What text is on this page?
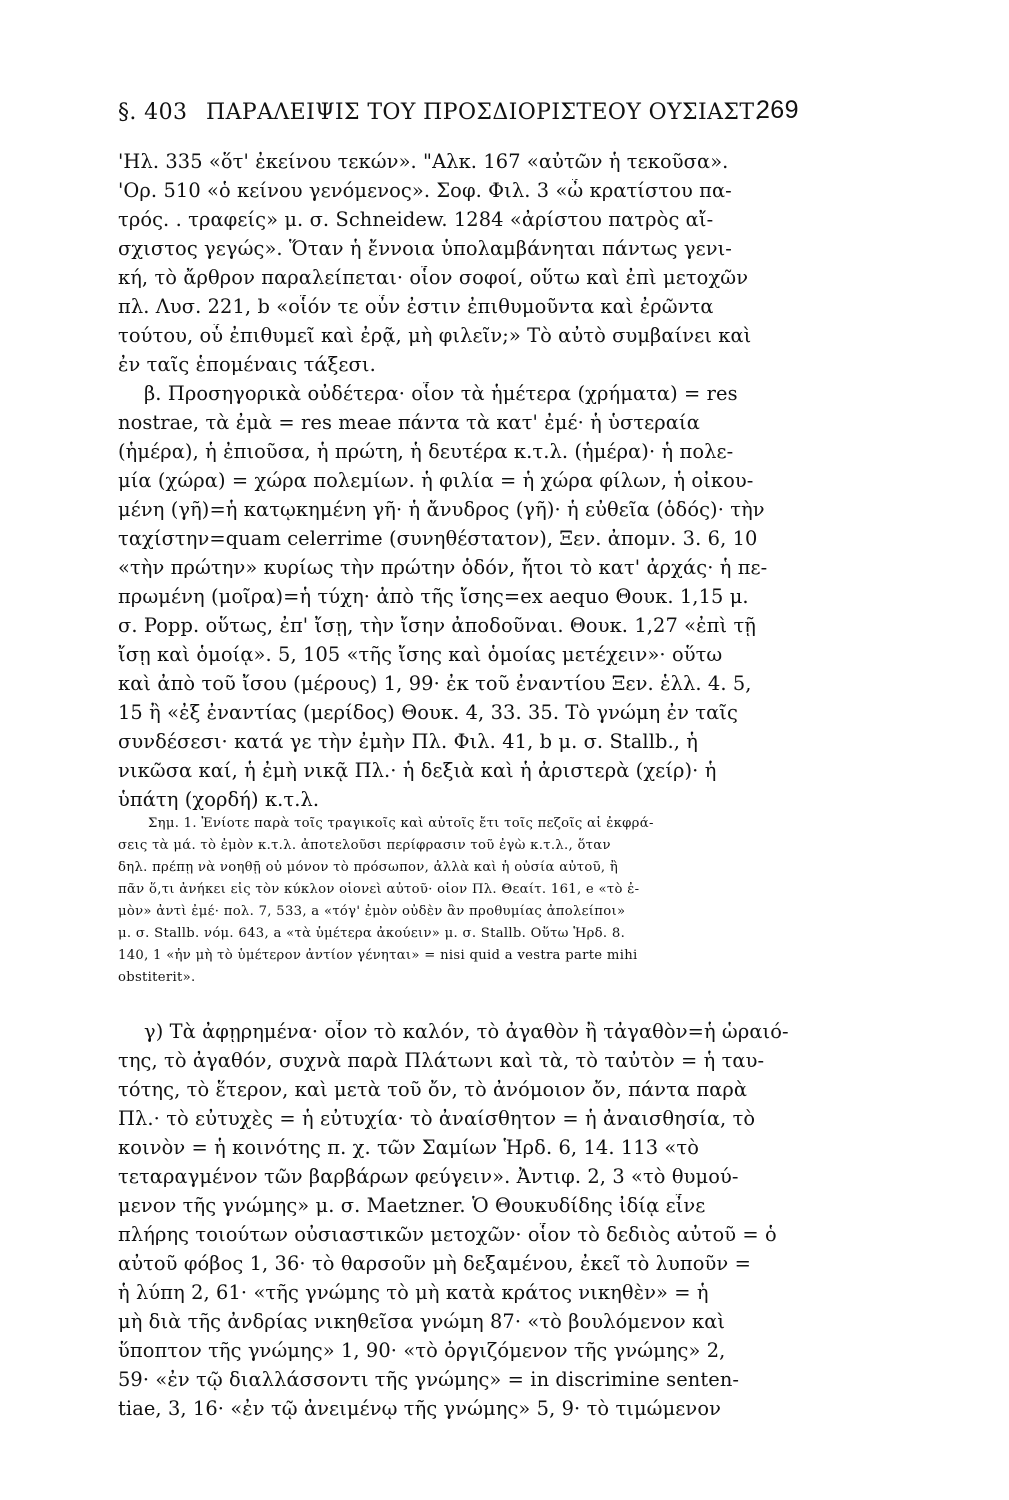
§. 403 ΠΑΡΑΛΕΙΨΙΣ ΤΟΥ ΠΡΟΣΔΙΟΡΙΣΤΕΟΥ ΟΥΣΙΑΣΤ.
269
'Ηλ. 335 «ὅτ' ἐκείνου τεκών». "Αλκ. 167 «αὐτῶν ἡ τεκοῦσα».
'Ορ. 510 «ὁ κείνου γενόμενος». Σοφ. Φιλ. 3 «ὦ κρατίστου πα-
τρός. . τραφείς» μ. σ. Schneidew. 1284 «ἀρίστου πατρὸς αἴ-
σχιστος γεγώς». Ὅταν ἡ ἔννοια ὑπολαμβάνηται πάντως γενι-
κή, τὸ ἄρθρον παραλείπεται· οἷον σοφοί, οὕτω καὶ ἐπὶ μετοχῶν
πλ. Λυσ. 221, b «οἷόν τε οὖν ἐστιν ἐπιθυμοῦντα καὶ ἐρῶντα
τούτου, οὗ ἐπιθυμεῖ καὶ ἐρᾷ, μὴ φιλεῖν;» Τὸ αὐτὸ συμβαίνει καὶ
ἐν ταῖς ἑπομέναις τάξεσι.
β. Προσηγορικὰ οὐδέτερα· οἷον τὰ ἡμέτερα (χρήματα) = res
nostrae, τὰ ἐμὰ = res meae πάντα τὰ κατ' ἐμέ· ἡ ὑστεραία
(ἡμέρα), ἡ ἐπιοῦσα, ἡ πρώτη, ἡ δευτέρα κ.τ.λ. (ἡμέρα)· ἡ πολε-
μία (χώρα) = χώρα πολεμίων. ἡ φιλία = ἡ χώρα φίλων, ἡ οἰκου-
μένη (γῆ)=ἡ κατῳκημένη γῆ· ἡ ἄνυδρος (γῆ)· ἡ εὐθεῖα (ὁδός)· τὴν
ταχίστην=quam celerrime (συνηθέστατον), Ξεν. ἀπομν. 3. 6, 10
«τὴν πρώτην» κυρίως τὴν πρώτην ὁδόν, ἤτοι τὸ κατ' ἀρχάς· ἡ πε-
πρωμένη (μοῖρα)=ἡ τύχη· ἀπὸ τῆς ἴσης=ex aequo Θουκ. 1,15 μ.
σ. Popp. οὕτως, ἐπ' ἴσῃ, τὴν ἴσην ἀποδοῦναι. Θουκ. 1,27 «ἐπὶ τῇ
ἴσῃ καὶ ὁμοίᾳ». 5, 105 «τῆς ἴσης καὶ ὁμοίας μετέχειν»· οὕτω
καὶ ἀπὸ τοῦ ἴσου (μέρους) 1, 99· ἐκ τοῦ ἐναντίου Ξεν. ἑλλ. 4. 5,
15 ἢ «ἐξ ἐναντίας (μερίδος) Θουκ. 4, 33. 35. Τὸ γνώμη ἐν ταῖς
συνδέσεσι· κατά γε τὴν ἐμὴν Πλ. Φιλ. 41, b μ. σ. Stallb., ἡ
νικῶσα καί, ἡ ἐμὴ νικᾷ Πλ.· ἡ δεξιὰ καὶ ἡ ἀριστερὰ (χείρ)· ἡ
ὑπάτη (χορδή) κ.τ.λ.
Σημ. 1. Ἐνίοτε παρὰ τοῖς τραγικοῖς καὶ αὐτοῖς ἔτι τοῖς πεζοῖς αἱ ἐκφρά-
σεις τὰ μά. τὸ ἐμὸν κ.τ.λ. ἀποτελοῦσι περίφρασιν τοῦ ἐγὼ κ.τ.λ., ὅταν
δηλ. πρέπῃ νὰ νοηθῇ οὐ μόνον τὸ πρόσωπον, ἀλλὰ καὶ ἡ οὐσία αὐτοῦ, ἢ
πᾶν ὅ,τι ἀνήκει εἰς τὸν κύκλον οἱονεὶ αὐτοῦ· οἷον Πλ. Θεαίτ. 161, e «τὸ ἐ-
μὸν» ἀντὶ ἐμέ· πολ. 7, 533, a «τόγ' ἐμὸν οὐδὲν ἂν προθυμίας ἀπολείποι»
μ. σ. Stallb. νόμ. 643, a «τὰ ὑμέτερα ἀκούειν» μ. σ. Stallb. Οὕτω Ἡρδ. 8.
140, 1 «ἦν μὴ τὸ ὑμέτερον ἀντίον γένηται» = nisi quid a vestra parte mihi
obstiterit».
γ) Τὰ ἀφῃρημένα· οἷον τὸ καλόν, τὸ ἀγαθὸν ἢ τἀγαθὸν=ἡ ὡραιό-
της, τὸ ἀγαθόν, συχνὰ παρὰ Πλάτωνι καὶ τὰ, τὸ ταὐτὸν = ἡ ταυ-
τότης, τὸ ἕτερον, καὶ μετὰ τοῦ ὄν, τὸ ἀνόμοιον ὄν, πάντα παρὰ
Πλ.· τὸ εὐτυχὲς = ἡ εὐτυχία· τὸ ἀναίσθητον = ἡ ἀναισθησία, τὸ
κοινὸν = ἡ κοινότης π. χ. τῶν Σαμίων Ἡρδ. 6, 14. 113 «τὸ
τεταραγμένον τῶν βαρβάρων φεύγειν». Ἀντιφ. 2, 3 «τὸ θυμού-
μενον τῆς γνώμης» μ. σ. Maetzner. Ὁ Θουκυδίδης ἰδίᾳ εἶνε
πλήρης τοιούτων οὐσιαστικῶν μετοχῶν· οἷον τὸ δεδιὸς αὐτοῦ = ὁ
αὐτοῦ φόβος 1, 36· τὸ θαρσοῦν μὴ δεξαμένου, ἐκεῖ τὸ λυποῦν =
ἡ λύπη 2, 61· «τῆς γνώμης τὸ μὴ κατὰ κράτος νικηθὲν» = ἡ
μὴ διὰ τῆς ἀνδρίας νικηθεῖσα γνώμη 87· «τὸ βουλόμενον καὶ
ὕποπτον τῆς γνώμης» 1, 90· «τὸ ὀργιζόμενον τῆς γνώμης» 2,
59· «ἐν τῷ διαλλάσσοντι τῆς γνώμης» = in discrimine senten-
tiae, 3, 16· «ἐν τῷ ἀνειμένῳ τῆς γνώμης» 5, 9· τὸ τιμώμενον
